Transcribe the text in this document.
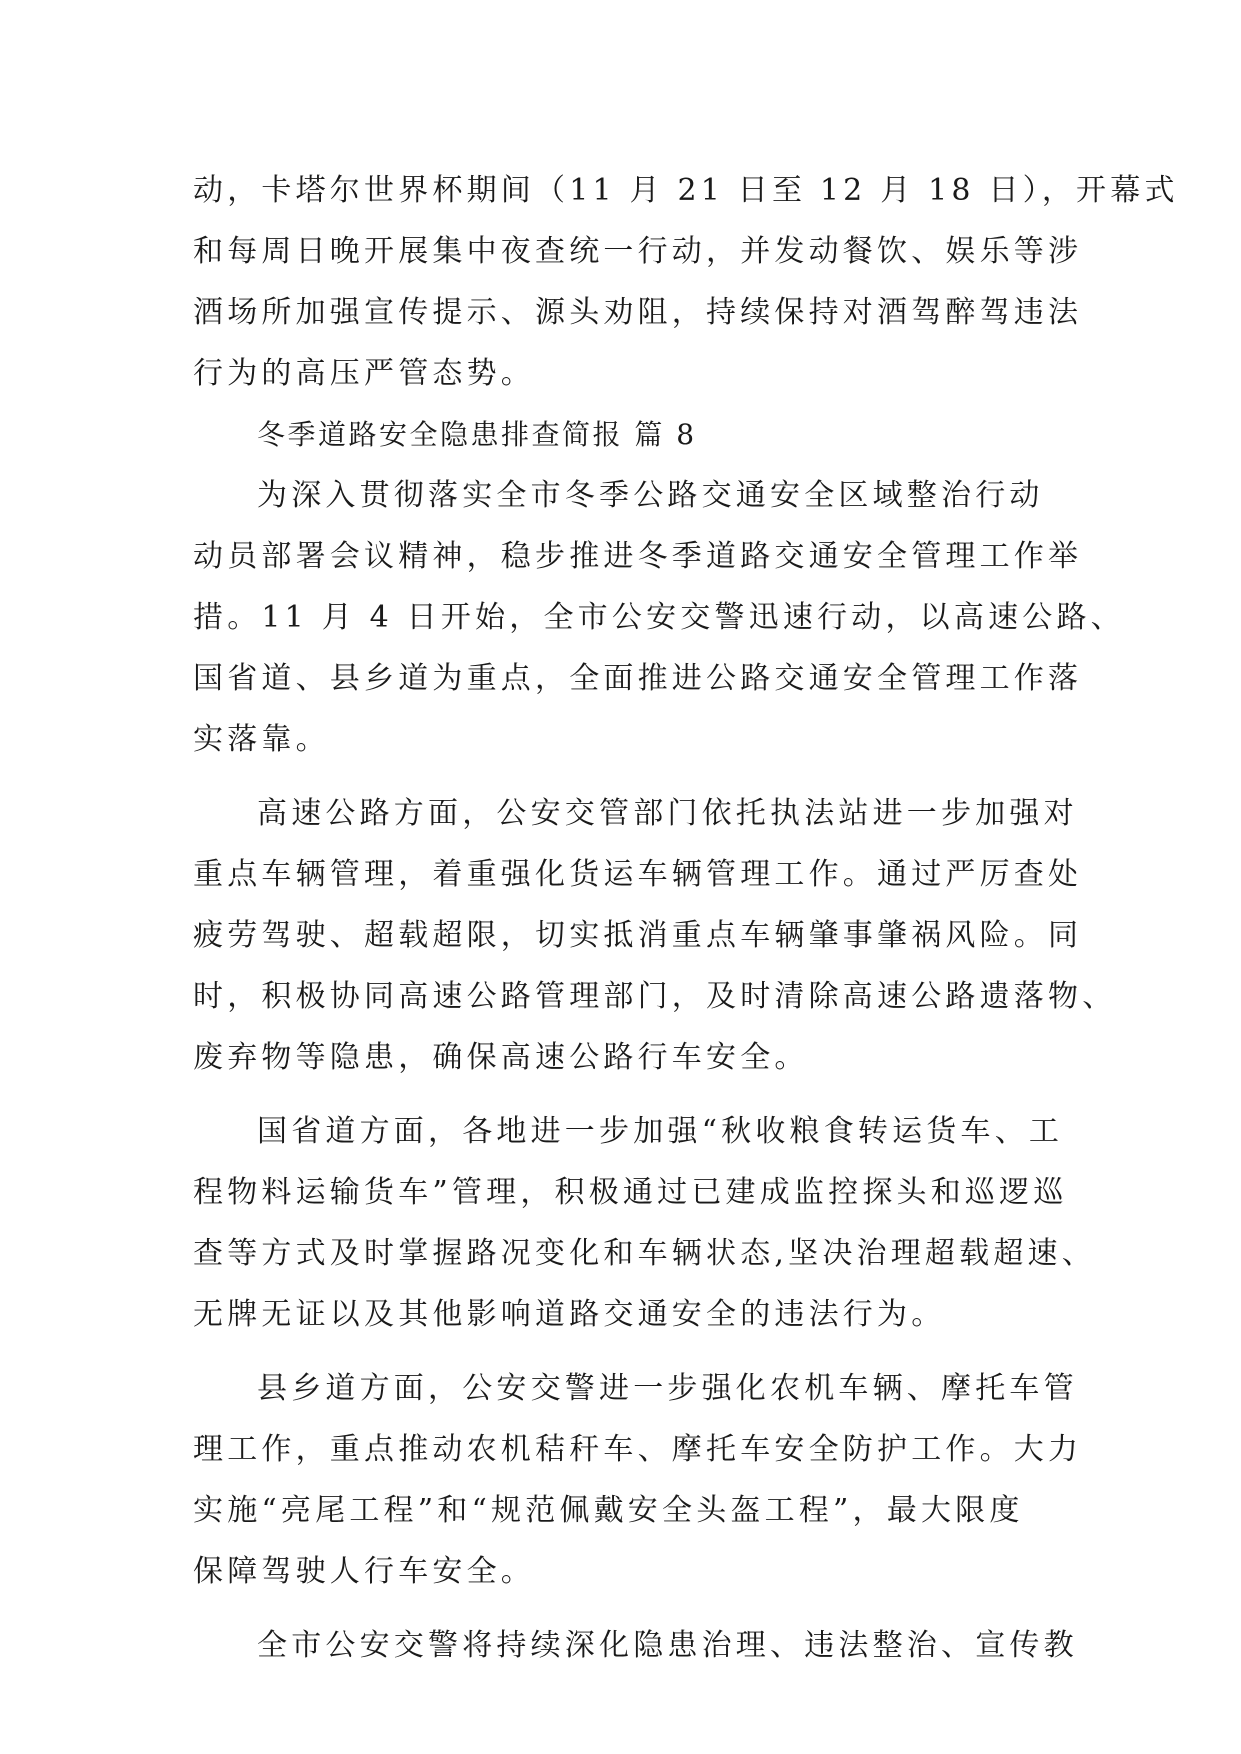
动，卡塔尔世界杯期间（11 月 21 日至 12 月 18 日），开幕式
和每周日晚开展集中夜查统一行动，并发动餐饮、娱乐等涉
酒场所加强宣传提示、源头劝阻，持续保持对酒驾醉驾违法
行为的高压严管态势。
冬季道路安全隐患排查简报 篇 8
为深入贯彻落实全市冬季公路交通安全区域整治行动
动员部署会议精神，稳步推进冬季道路交通安全管理工作举
措。11 月 4 日开始，全市公安交警迅速行动，以高速公路、
国省道、县乡道为重点，全面推进公路交通安全管理工作落
实落靠。
高速公路方面，公安交管部门依托执法站进一步加强对
重点车辆管理，着重强化货运车辆管理工作。通过严厉查处
疲劳驾驶、超载超限，切实抵消重点车辆肇事肇祸风险。同
时，积极协同高速公路管理部门，及时清除高速公路遗落物、
废弃物等隐患，确保高速公路行车安全。
国省道方面，各地进一步加强“秋收粮食转运货车、工
程物料运输货车”管理，积极通过已建成监控探头和巡逻巡
查等方式及时掌握路况变化和车辆状态,坚决治理超载超速、
无牌无证以及其他影响道路交通安全的违法行为。
县乡道方面，公安交警进一步强化农机车辆、摩托车管
理工作，重点推动农机秸秆车、摩托车安全防护工作。大力
实施“亮尾工程”和“规范佩戴安全头盔工程”，最大限度
保障驾驶人行车安全。
全市公安交警将持续深化隐患治理、违法整治、宣传教
